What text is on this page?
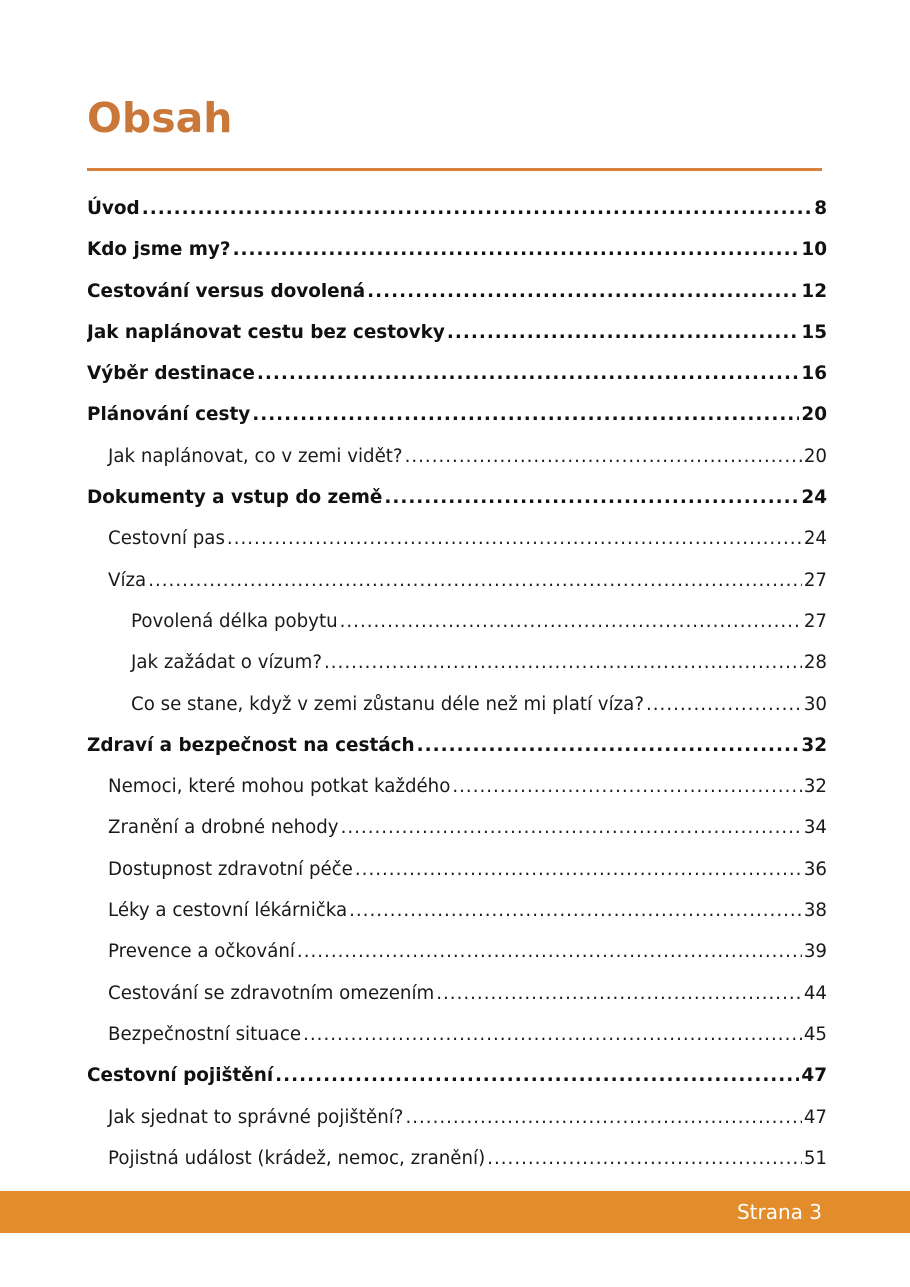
Obsah
Úvod .....	8
Kdo jsme my? .....	10
Cestování versus dovolená .....	12
Jak naplánovat cestu bez cestovky .....	15
Výběr destinace .....	16
Plánování cesty .....	20
Jak naplánovat, co v zemi vidět? .....	20
Dokumenty a vstup do země .....	24
Cestovní pas .....	24
Víza .....	27
Povolená délka pobytu .....	27
Jak zažádat o vízum? .....	28
Co se stane, když v zemi zůstanu déle než mi platí víza? .....	30
Zdraví a bezpečnost na cestách .....	32
Nemoci, které mohou potkat každého .....	32
Zranění a drobné nehody .....	34
Dostupnost zdravotní péče .....	36
Léky a cestovní lékárnička .....	38
Prevence a očkování .....	39
Cestování se zdravotním omezením .....	44
Bezpečnostní situace .....	45
Cestovní pojištění .....	47
Jak sjednat to správné pojištění? .....	47
Pojistná událost (krádež, nemoc, zranění) .....	51
Strana 3
